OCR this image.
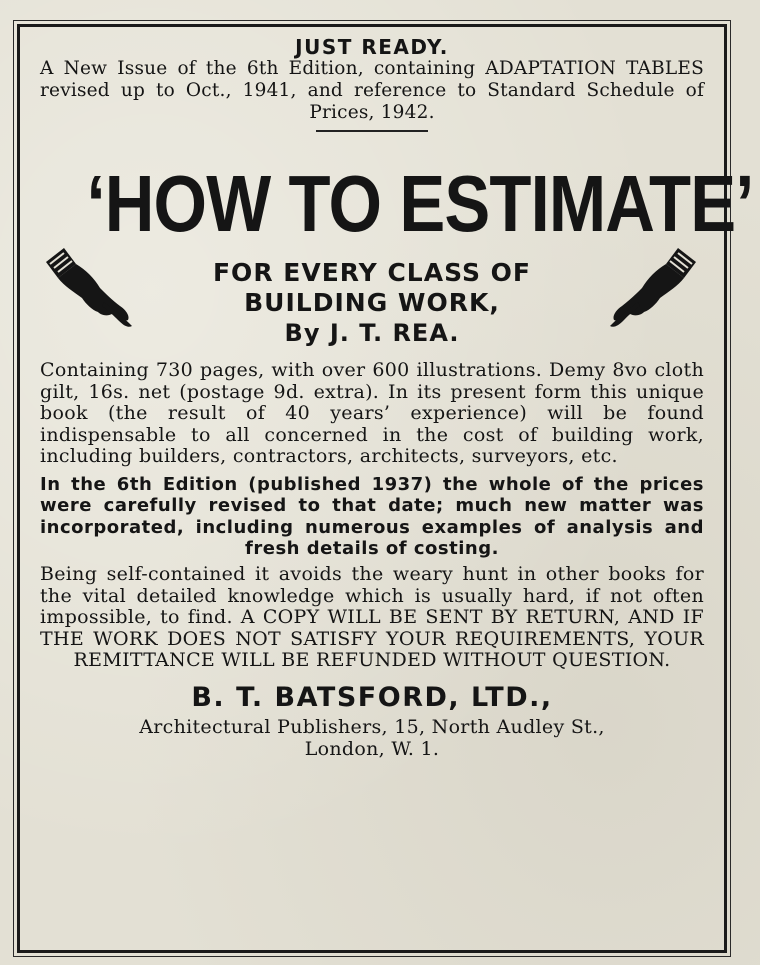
JUST READY.
A New Issue of the 6th Edition, containing ADAPTATION TABLES revised up to Oct., 1941, and reference to Standard Schedule of Prices, 1942.
‘HOW TO ESTIMATE’
FOR EVERY CLASS OF
BUILDING WORK,
By J. T. REA.

Containing 730 pages, with over 600 illustrations. Demy 8vo cloth gilt, 16s. net (postage 9d. extra). In its present form this unique book (the result of 40 years’ experience) will be found indispensable to all concerned in the cost of building work, including builders, contractors, architects, surveyors, etc.

In the 6th Edition (published 1937) the whole of the prices were carefully revised to that date; much new matter was incorporated, including numerous examples of analysis and fresh details of costing.

Being self-contained it avoids the weary hunt in other books for the vital detailed knowledge which is usually hard, if not often impossible, to find. A COPY WILL BE SENT BY RETURN, AND IF THE WORK DOES NOT SATISFY YOUR REQUIREMENTS, YOUR REMITTANCE WILL BE REFUNDED WITHOUT QUESTION.

B. T. BATSFORD, LTD.,
Architectural Publishers, 15, North Audley St.,
London, W. 1.
